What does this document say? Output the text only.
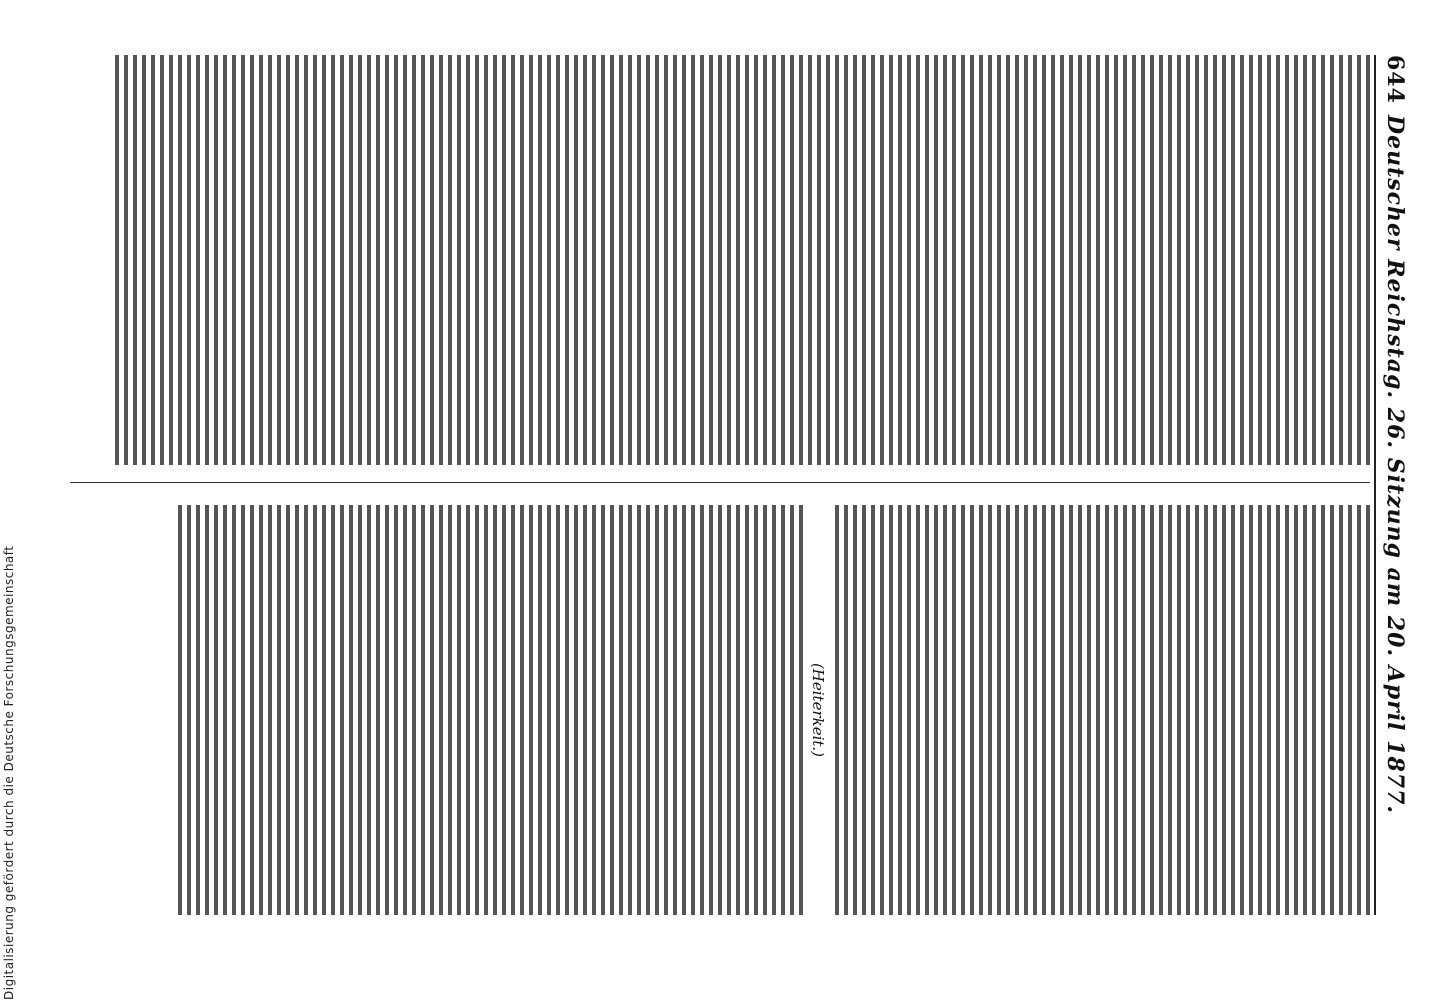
644
Deutscher Reichstag. 26. Sitzung am 20. April 1877.
(Heiterkeit.)
Digitalisierung gefördert durch die Deutsche Forschungsgemeinschaft
